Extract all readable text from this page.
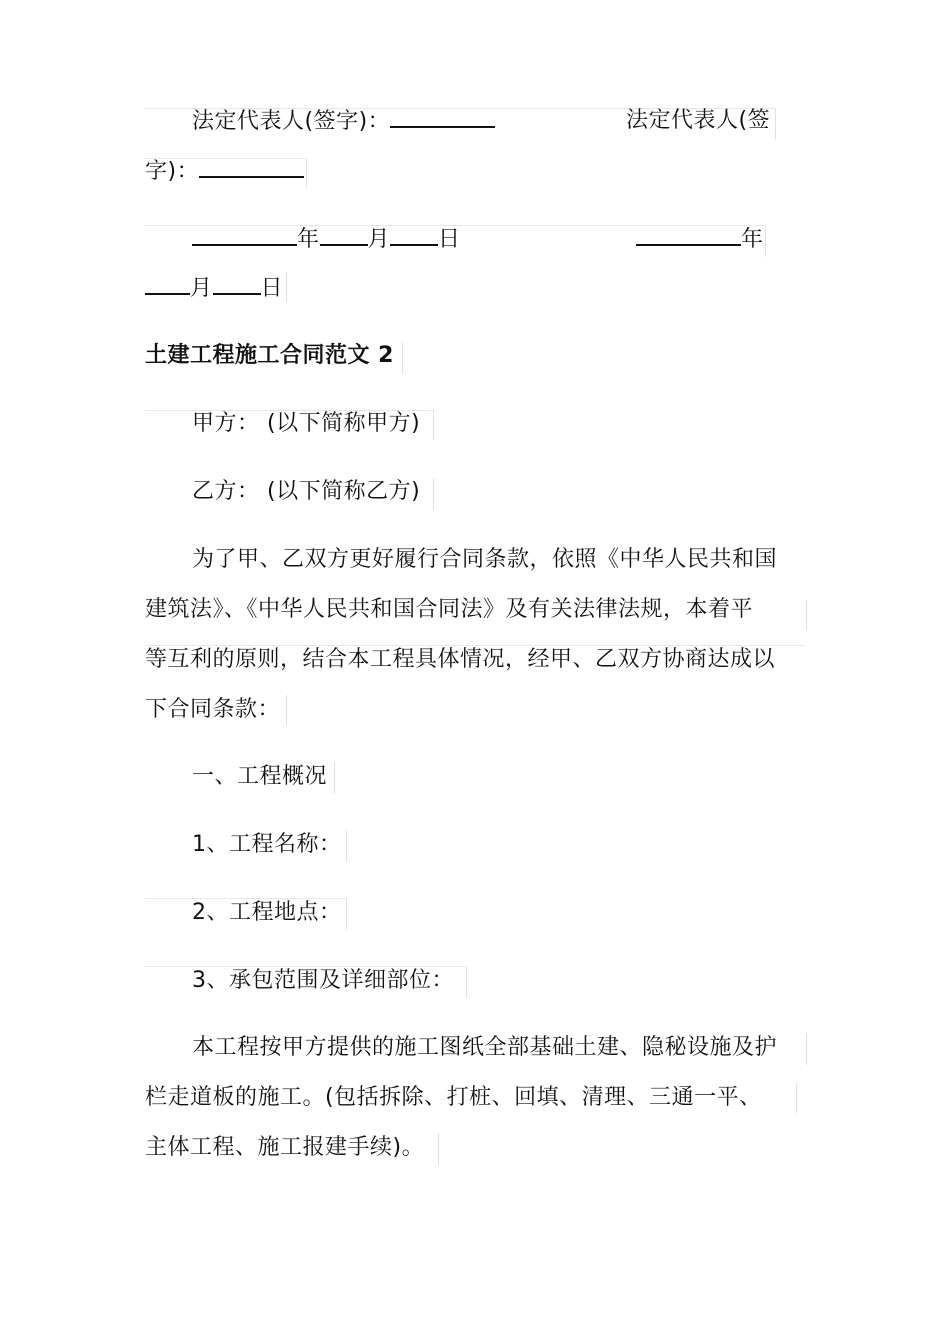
法定代表人(签字)：	法定代表人(签
字)：
年 月 日	年
月 日
土建工程施工合同范文 2
甲方： (以下简称甲方)
乙方： (以下简称乙方)
为了甲、乙双方更好履行合同条款，依照《中华人民共和国
建筑法》、《中华人民共和国合同法》及有关法律法规，本着平
等互利的原则，结合本工程具体情况，经甲、乙双方协商达成以
下合同条款：
一、工程概况
1、工程名称：
2、工程地点：
3、承包范围及详细部位：
本工程按甲方提供的施工图纸全部基础土建、隐秘设施及护
栏走道板的施工。(包括拆除、打桩、回填、清理、三通一平、
主体工程、施工报建手续)。
